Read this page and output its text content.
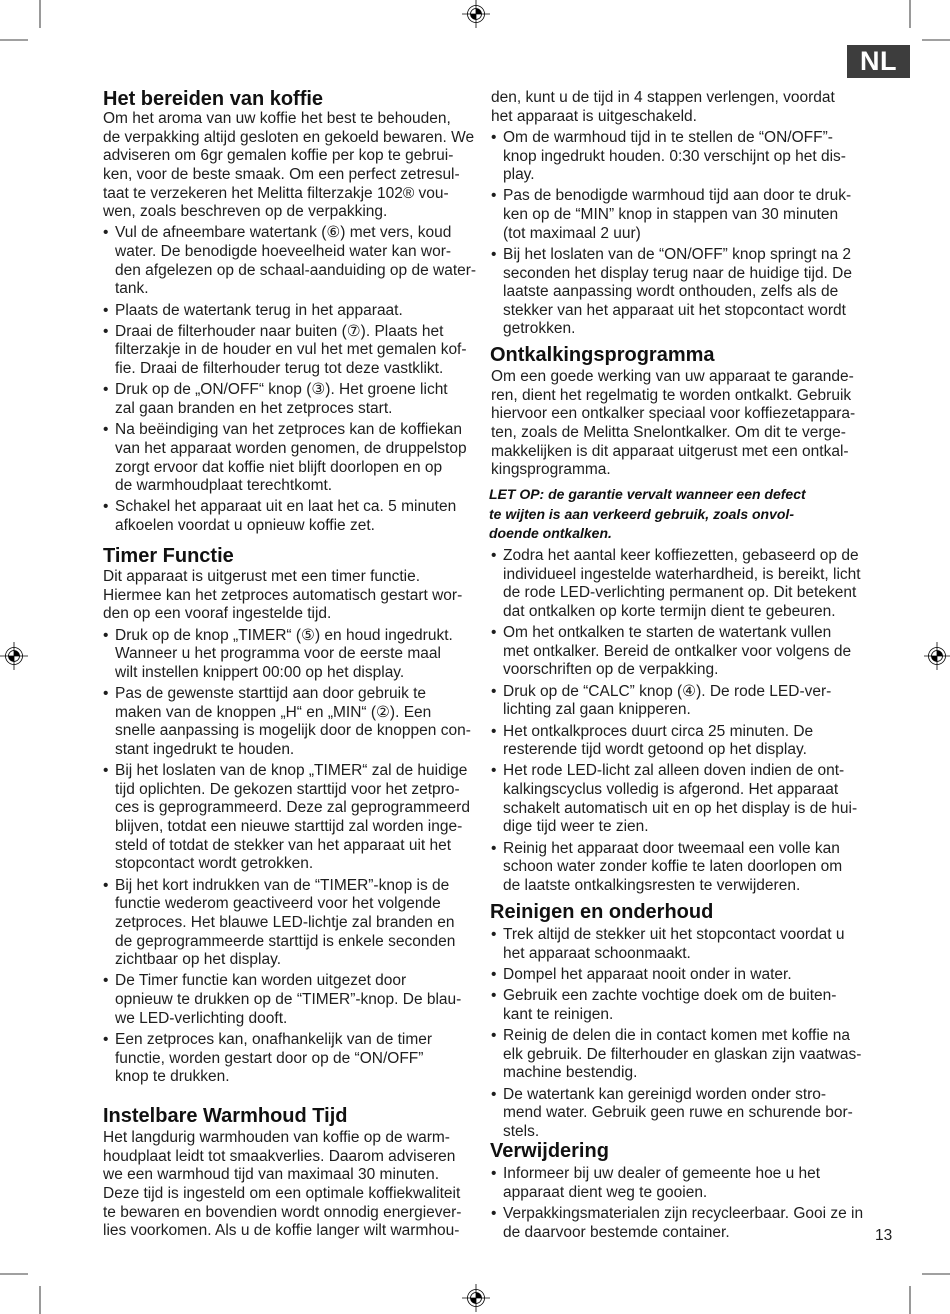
NL
Het bereiden van koffie
Om het aroma van uw koffie het best te behouden,
de verpakking altijd gesloten en gekoeld bewaren. We
adviseren om 6gr gemalen koffie per kop te gebrui-
ken, voor de beste smaak. Om een perfect zetresul-
taat te verzekeren het Melitta filterzakje 102® vou-
wen, zoals beschreven op de verpakking.
• Vul de afneembare watertank (⑥) met vers, koud
water. De benodigde hoeveelheid water kan wor-
den afgelezen op de schaal-aanduiding op de water-
tank.
• Plaats de watertank terug in het apparaat.
• Draai de filterhouder naar buiten (⑦). Plaats het
filterzakje in de houder en vul het met gemalen kof-
fie. Draai de filterhouder terug tot deze vastklikt.
• Druk op de „ON/OFF“ knop (③). Het groene licht
zal gaan branden en het zetproces start.
• Na beëindiging van het zetproces kan de koffiekan
van het apparaat worden genomen, de druppelstop
zorgt ervoor dat koffie niet blijft doorlopen en op
de warmhoudplaat terechtkomt.
• Schakel het apparaat uit en laat het ca. 5 minuten
afkoelen voordat u opnieuw koffie zet.
Timer Functie
Dit apparaat is uitgerust met een timer functie.
Hiermee kan het zetproces automatisch gestart wor-
den op een vooraf ingestelde tijd.
• Druk op de knop „TIMER“ (⑤) en houd ingedrukt.
Wanneer u het programma voor de eerste maal
wilt instellen knippert 00:00 op het display.
• Pas de gewenste starttijd aan door gebruik te
maken van de knoppen „H“ en „MIN“ (②). Een
snelle aanpassing is mogelijk door de knoppen con-
stant ingedrukt te houden.
• Bij het loslaten van de knop „TIMER“ zal de huidige
tijd oplichten. De gekozen starttijd voor het zetpro-
ces is geprogrammeerd. Deze zal geprogrammeerd
blijven, totdat een nieuwe starttijd zal worden inge-
steld of totdat de stekker van het apparaat uit het
stopcontact wordt getrokken.
• Bij het kort indrukken van de “TIMER”-knop is de
functie wederom geactiveerd voor het volgende
zetproces. Het blauwe LED-lichtje zal branden en
de geprogrammeerde starttijd is enkele seconden
zichtbaar op het display.
• De Timer functie kan worden uitgezet door
opnieuw te drukken op de “TIMER”-knop. De blau-
we LED-verlichting dooft.
• Een zetproces kan, onafhankelijk van de timer
functie, worden gestart door op de “ON/OFF”
knop te drukken.
Instelbare Warmhoud Tijd
Het langdurig warmhouden van koffie op de warm-
houdplaat leidt tot smaakverlies. Daarom adviseren
we een warmhoud tijd van maximaal 30 minuten.
Deze tijd is ingesteld om een optimale koffiekwaliteit
te bewaren en bovendien wordt onnodig energiever-
lies voorkomen. Als u de koffie langer wilt warmhou-
den, kunt u de tijd in 4 stappen verlengen, voordat
het apparaat is uitgeschakeld.
• Om de warmhoud tijd in te stellen de “ON/OFF”-
knop ingedrukt houden. 0:30 verschijnt op het dis-
play.
• Pas de benodigde warmhoud tijd aan door te druk-
ken op de “MIN” knop in stappen van 30 minuten
(tot maximaal 2 uur)
• Bij het loslaten van de “ON/OFF” knop springt na 2
seconden het display terug naar de huidige tijd. De
laatste aanpassing wordt onthouden, zelfs als de
stekker van het apparaat uit het stopcontact wordt
getrokken.
Ontkalkingsprogramma
Om een goede werking van uw apparaat te garande-
ren, dient het regelmatig te worden ontkalkt. Gebruik
hiervoor een ontkalker speciaal voor koffiezetappara-
ten, zoals de Melitta Snelontkalker. Om dit te verge-
makkelijken is dit apparaat uitgerust met een ontkal-
kingsprogramma.
LET OP: de garantie vervalt wanneer een defect
te wijten is aan verkeerd gebruik, zoals onvol-
doende ontkalken.
• Zodra het aantal keer koffiezetten, gebaseerd op de
individueel ingestelde waterhardheid, is bereikt, licht
de rode LED-verlichting permanent op. Dit betekent
dat ontkalken op korte termijn dient te gebeuren.
• Om het ontkalken te starten de watertank vullen
met ontkalker. Bereid de ontkalker voor volgens de
voorschriften op de verpakking.
• Druk op de “CALC” knop (④). De rode LED-ver-
lichting zal gaan knipperen.
• Het ontkalkproces duurt circa 25 minuten. De
resterende tijd wordt getoond op het display.
• Het rode LED-licht zal alleen doven indien de ont-
kalkingscyclus volledig is afgerond. Het apparaat
schakelt automatisch uit en op het display is de hui-
dige tijd weer te zien.
• Reinig het apparaat door tweemaal een volle kan
schoon water zonder koffie te laten doorlopen om
de laatste ontkalkingsresten te verwijderen.
Reinigen en onderhoud
• Trek altijd de stekker uit het stopcontact voordat u
het apparaat schoonmaakt.
• Dompel het apparaat nooit onder in water.
• Gebruik een zachte vochtige doek om de buiten-
kant te reinigen.
• Reinig de delen die in contact komen met koffie na
elk gebruik. De filterhouder en glaskan zijn vaatwas-
machine bestendig.
• De watertank kan gereinigd worden onder stro-
mend water. Gebruik geen ruwe en schurende bor-
stels.
Verwijdering
• Informeer bij uw dealer of gemeente hoe u het
apparaat dient weg te gooien.
• Verpakkingsmaterialen zijn recycleerbaar. Gooi ze in
de daarvoor bestemde container.	13
